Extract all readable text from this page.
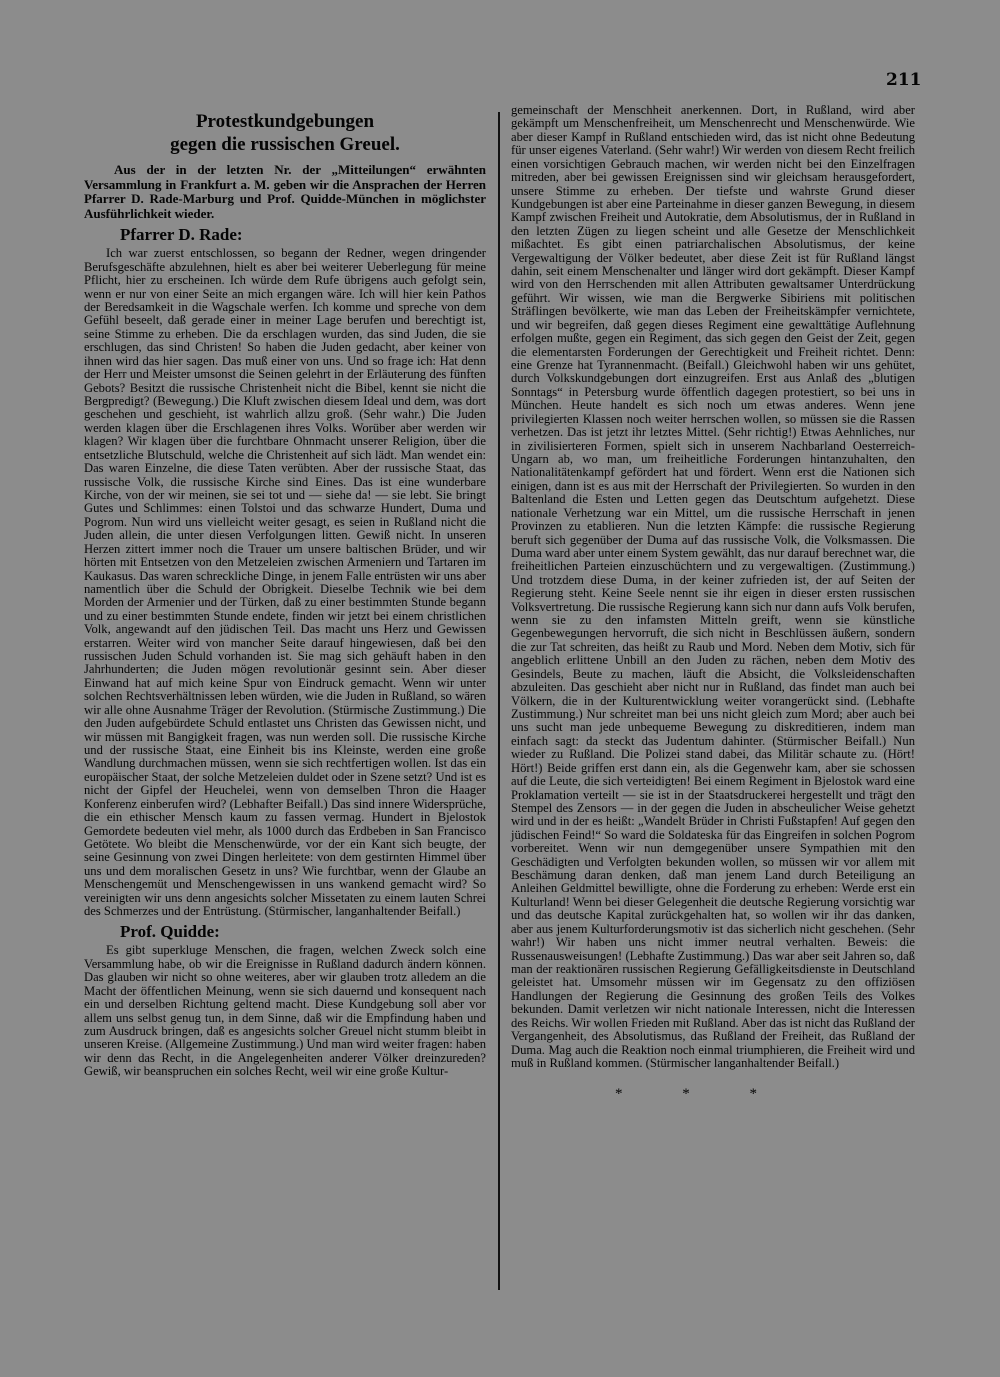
211
Protestkundgebungen
gegen die russischen Greuel.

Aus der in der letzten Nr. der „Mitteilungen“ erwähnten Versammlung in Frankfurt a. M. geben wir die Ansprachen der Herren Pfarrer D. Rade-Marburg und Prof. Quidde-München in möglichster Ausführlichkeit wieder.

Pfarrer D. Rade:

Ich war zuerst entschlossen, so begann der Redner, wegen dringender Berufsgeschäfte abzulehnen, hielt es aber bei weiterer Ueberlegung für meine Pflicht, hier zu erscheinen. Ich würde dem Rufe übrigens auch gefolgt sein, wenn er nur von einer Seite an mich ergangen wäre. Ich will hier kein Pathos der Beredsamkeit in die Wagschale werfen. Ich komme und spreche von dem Gefühl beseelt, daß gerade einer in meiner Lage berufen und berechtigt ist, seine Stimme zu erheben. Die da erschlagen wurden, das sind Juden, die sie erschlugen, das sind Christen! So haben die Juden gedacht, aber keiner von ihnen wird das hier sagen. Das muß einer von uns. Und so frage ich: Hat denn der Herr und Meister umsonst die Seinen gelehrt in der Erläuterung des fünften Gebots? Besitzt die russische Christenheit nicht die Bibel, kennt sie nicht die Bergpredigt? (Bewegung.) Die Kluft zwischen diesem Ideal und dem, was dort geschehen und geschieht, ist wahrlich allzu groß. (Sehr wahr.) Die Juden werden klagen über die Erschlagenen ihres Volks. Worüber aber werden wir klagen? Wir klagen über die furchtbare Ohnmacht unserer Religion, über die entsetzliche Blutschuld, welche die Christenheit auf sich lädt. Man wendet ein: Das waren Einzelne, die diese Taten verübten. Aber der russische Staat, das russische Volk, die russische Kirche sind Eines. Das ist eine wunderbare Kirche, von der wir meinen, sie sei tot und — siehe da! — sie lebt. Sie bringt Gutes und Schlimmes: einen Tolstoi und das schwarze Hundert, Duma und Pogrom. Nun wird uns vielleicht weiter gesagt, es seien in Rußland nicht die Juden allein, die unter diesen Verfolgungen litten. Gewiß nicht. In unseren Herzen zittert immer noch die Trauer um unsere baltischen Brüder, und wir hörten mit Entsetzen von den Metzeleien zwischen Armeniern und Tartaren im Kaukasus. Das waren schreckliche Dinge, in jenem Falle entrüsten wir uns aber namentlich über die Schuld der Obrigkeit. Dieselbe Technik wie bei dem Morden der Armenier und der Türken, daß zu einer bestimmten Stunde begann und zu einer bestimmten Stunde endete, finden wir jetzt bei einem christlichen Volk, angewandt auf den jüdischen Teil. Das macht uns Herz und Gewissen erstarren. Weiter wird von mancher Seite darauf hingewiesen, daß bei den russischen Juden Schuld vorhanden ist. Sie mag sich gehäuft haben in den Jahrhunderten; die Juden mögen revolutionär gesinnt sein. Aber dieser Einwand hat auf mich keine Spur von Eindruck gemacht. Wenn wir unter solchen Rechtsverhältnissen leben würden, wie die Juden in Rußland, so wären wir alle ohne Ausnahme Träger der Revolution. (Stürmische Zustimmung.) Die den Juden aufgebürdete Schuld entlastet uns Christen das Gewissen nicht, und wir müssen mit Bangigkeit fragen, was nun werden soll. Die russische Kirche und der russische Staat, eine Einheit bis ins Kleinste, werden eine große Wandlung durchmachen müssen, wenn sie sich rechtfertigen wollen. Ist das ein europäischer Staat, der solche Metzeleien duldet oder in Szene setzt? Und ist es nicht der Gipfel der Heuchelei, wenn von demselben Thron die Haager Konferenz einberufen wird? (Lebhafter Beifall.) Das sind innere Widersprüche, die ein ethischer Mensch kaum zu fassen vermag. Hundert in Bjelostok Gemordete bedeuten viel mehr, als 1000 durch das Erdbeben in San Francisco Getötete. Wo bleibt die Menschenwürde, vor der ein Kant sich beugte, der seine Gesinnung von zwei Dingen herleitete: von dem gestirnten Himmel über uns und dem moralischen Gesetz in uns? Wie furchtbar, wenn der Glaube an Menschengemüt und Menschengewissen in uns wankend gemacht wird? So vereinigten wir uns denn angesichts solcher Missetaten zu einem lauten Schrei des Schmerzes und der Entrüstung. (Stürmischer, langanhaltender Beifall.)

Prof. Quidde:

Es gibt superkluge Menschen, die fragen, welchen Zweck solch eine Versammlung habe, ob wir die Ereignisse in Rußland dadurch ändern können. Das glauben wir nicht so ohne weiteres, aber wir glauben trotz alledem an die Macht der öffentlichen Meinung, wenn sie sich dauernd und konsequent nach ein und derselben Richtung geltend macht. Diese Kundgebung soll aber vor allem uns selbst genug tun, in dem Sinne, daß wir die Empfindung haben und zum Ausdruck bringen, daß es angesichts solcher Greuel nicht stumm bleibt in unseren Kreise. (Allgemeine Zustimmung.) Und man wird weiter fragen: haben wir denn das Recht, in die Angelegenheiten anderer Völker dreinzureden? Gewiß, wir beanspruchen ein solches Recht, weil wir eine große Kultur-

gemeinschaft der Menschheit anerkennen. Dort, in Rußland, wird aber gekämpft um Menschenfreiheit, um Menschenrecht und Menschenwürde. Wie aber dieser Kampf in Rußland entschieden wird, das ist nicht ohne Bedeutung für unser eigenes Vaterland. (Sehr wahr!) Wir werden von diesem Recht freilich einen vorsichtigen Gebrauch machen, wir werden nicht bei den Einzelfragen mitreden, aber bei gewissen Ereignissen sind wir gleichsam herausgefordert, unsere Stimme zu erheben. Der tiefste und wahrste Grund dieser Kundgebungen ist aber eine Parteinahme in dieser ganzen Bewegung, in diesem Kampf zwischen Freiheit und Autokratie, dem Absolutismus, der in Rußland in den letzten Zügen zu liegen scheint und alle Gesetze der Menschlichkeit mißachtet. Es gibt einen patriarchalischen Absolutismus, der keine Vergewaltigung der Völker bedeutet, aber diese Zeit ist für Rußland längst dahin, seit einem Menschenalter und länger wird dort gekämpft. Dieser Kampf wird von den Herrschenden mit allen Attributen gewaltsamer Unterdrückung geführt. Wir wissen, wie man die Bergwerke Sibiriens mit politischen Sträflingen bevölkerte, wie man das Leben der Freiheitskämpfer vernichtete, und wir begreifen, daß gegen dieses Regiment eine gewalttätige Auflehnung erfolgen mußte, gegen ein Regiment, das sich gegen den Geist der Zeit, gegen die elementarsten Forderungen der Gerechtigkeit und Freiheit richtet. Denn: eine Grenze hat Tyrannenmacht. (Beifall.) Gleichwohl haben wir uns gehütet, durch Volkskundgebungen dort einzugreifen. Erst aus Anlaß des „blutigen Sonntags“ in Petersburg wurde öffentlich dagegen protestiert, so bei uns in München. Heute handelt es sich noch um etwas anderes. Wenn jene privilegierten Klassen noch weiter herrschen wollen, so müssen sie die Rassen verhetzen. Das ist jetzt ihr letztes Mittel. (Sehr richtig!) Etwas Aehnliches, nur in zivilisierteren Formen, spielt sich in unserem Nachbarland Oesterreich-Ungarn ab, wo man, um freiheitliche Forderungen hintanzuhalten, den Nationalitätenkampf gefördert hat und fördert. Wenn erst die Nationen sich einigen, dann ist es aus mit der Herrschaft der Privilegierten. So wurden in den Baltenland die Esten und Letten gegen das Deutschtum aufgehetzt. Diese nationale Verhetzung war ein Mittel, um die russische Herrschaft in jenen Provinzen zu etablieren. Nun die letzten Kämpfe: die russische Regierung beruft sich gegenüber der Duma auf das russische Volk, die Volksmassen. Die Duma ward aber unter einem System gewählt, das nur darauf berechnet war, die freiheitlichen Parteien einzuschüchtern und zu vergewaltigen. (Zustimmung.) Und trotzdem diese Duma, in der keiner zufrieden ist, der auf Seiten der Regierung steht. Keine Seele nennt sie ihr eigen in dieser ersten russischen Volksvertretung. Die russische Regierung kann sich nur dann aufs Volk berufen, wenn sie zu den infamsten Mitteln greift, wenn sie künstliche Gegenbewegungen hervorruft, die sich nicht in Beschlüssen äußern, sondern die zur Tat schreiten, das heißt zu Raub und Mord. Neben dem Motiv, sich für angeblich erlittene Unbill an den Juden zu rächen, neben dem Motiv des Gesindels, Beute zu machen, läuft die Absicht, die Volksleidenschaften abzuleiten. Das geschieht aber nicht nur in Rußland, das findet man auch bei Völkern, die in der Kulturentwicklung weiter vorangerückt sind. (Lebhafte Zustimmung.) Nur schreitet man bei uns nicht gleich zum Mord; aber auch bei uns sucht man jede unbequeme Bewegung zu diskreditieren, indem man einfach sagt: da steckt das Judentum dahinter. (Stürmischer Beifall.) Nun wieder zu Rußland. Die Polizei stand dabei, das Militär schaute zu. (Hört! Hört!) Beide griffen erst dann ein, als die Gegenwehr kam, aber sie schossen auf die Leute, die sich verteidigten! Bei einem Regiment in Bjelostok ward eine Proklamation verteilt — sie ist in der Staatsdruckerei hergestellt und trägt den Stempel des Zensors — in der gegen die Juden in abscheulicher Weise gehetzt wird und in der es heißt: „Wandelt Brüder in Christi Fußstapfen! Auf gegen den jüdischen Feind!“ So ward die Soldateska für das Eingreifen in solchen Pogrom vorbereitet. Wenn wir nun demgegenüber unsere Sympathien mit den Geschädigten und Verfolgten bekunden wollen, so müssen wir vor allem mit Beschämung daran denken, daß man jenem Land durch Beteiligung an Anleihen Geldmittel bewilligte, ohne die Forderung zu erheben: Werde erst ein Kulturland! Wenn bei dieser Gelegenheit die deutsche Regierung vorsichtig war und das deutsche Kapital zurückgehalten hat, so wollen wir ihr das danken, aber aus jenem Kulturforderungsmotiv ist das sicherlich nicht geschehen. (Sehr wahr!) Wir haben uns nicht immer neutral verhalten. Beweis: die Russenausweisungen! (Lebhafte Zustimmung.) Das war aber seit Jahren so, daß man der reaktionären russischen Regierung Gefälligkeitsdienste in Deutschland geleistet hat. Umsomehr müssen wir im Gegensatz zu den offiziösen Handlungen der Regierung die Gesinnung des großen Teils des Volkes bekunden. Damit verletzen wir nicht nationale Interessen, nicht die Interessen des Reichs. Wir wollen Frieden mit Rußland. Aber das ist nicht das Rußland der Vergangenheit, des Absolutismus, das Rußland der Freiheit, das Rußland der Duma. Mag auch die Reaktion noch einmal triumphieren, die Freiheit wird und muß in Rußland kommen. (Stürmischer langanhaltender Beifall.)

* * *
